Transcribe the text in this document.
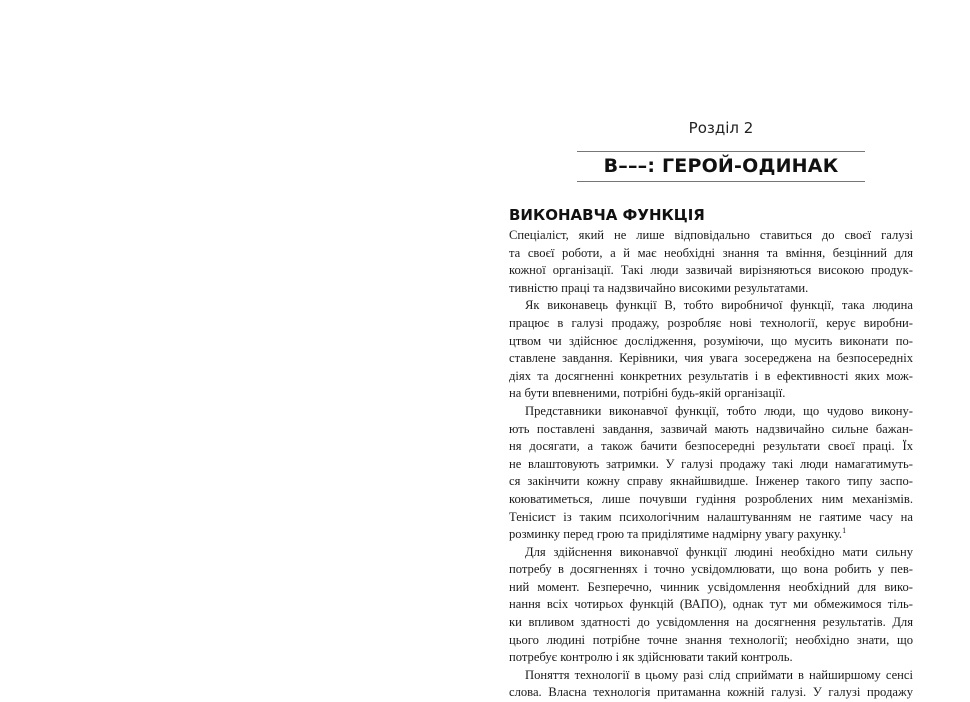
Розділ 2
В–––: ГЕРОЙ-ОДИНАК
ВИКОНАВЧА ФУНКЦІЯ
Спеціаліст, який не лише відповідально ставиться до своєї галузі
та своєї роботи, а й має необхідні знання та вміння, безцінний для
кожної організації. Такі люди зазвичай вирізняються високою продук-
тивністю праці та надзвичайно високими результатами.
Як виконавець функції В, тобто виробничої функції, така людина
працює в галузі продажу, розробляє нові технології, керує виробни-
цтвом чи здійснює дослідження, розуміючи, що мусить виконати по-
ставлене завдання. Керівники, чия увага зосереджена на безпосередніх
діях та досягненні конкретних результатів і в ефективності яких мож-
на бути впевненими, потрібні будь-якій організації.
Представники виконавчої функції, тобто люди, що чудово викону-
ють поставлені завдання, зазвичай мають надзвичайно сильне бажан-
ня досягати, а також бачити безпосередні результати своєї праці. Їх
не влаштовують затримки. У галузі продажу такі люди намагатимуть-
ся закінчити кожну справу якнайшвидше. Інженер такого типу заспо-
коюватиметься, лише почувши гудіння розроблених ним механізмів.
Тенісист із таким психологічним налаштуванням не гаятиме часу на
розминку перед грою та приділятиме надмірну увагу рахунку.$^1$
Для здійснення виконавчої функції людині необхідно мати сильну
потребу в досягненнях і точно усвідомлювати, що вона робить у пев-
ний момент. Безперечно, чинник усвідомлення необхідний для вико-
нання всіх чотирьох функцій (ВАПО), однак тут ми обмежимося тіль-
ки впливом здатності до усвідомлення на досягнення результатів. Для
цього людині потрібне точне знання технології; необхідно знати, що
потребує контролю і як здійснювати такий контроль.
Поняття технології в цьому разі слід сприймати в найширшому сенсі
слова. Власна технологія притаманна кожній галузі. У галузі продажу
